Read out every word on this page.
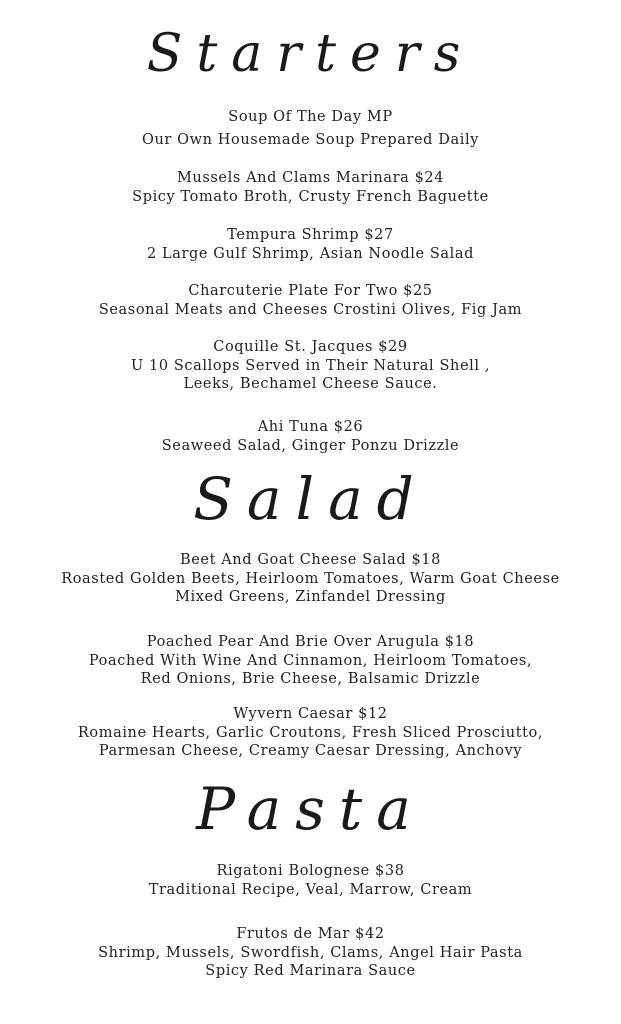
Starters
Soup Of The Day MP
Our Own Housemade Soup Prepared Daily
Mussels And Clams Marinara $24
Spicy Tomato Broth, Crusty French Baguette
Tempura Shrimp $27
2 Large Gulf Shrimp, Asian Noodle Salad
Charcuterie Plate For Two $25
Seasonal Meats and Cheeses Crostini Olives, Fig Jam
Coquille St. Jacques $29
U 10 Scallops Served in Their Natural Shell ,
Leeks, Bechamel Cheese Sauce.
Ahi Tuna $26
Seaweed Salad, Ginger Ponzu Drizzle
Salad
Beet And Goat Cheese Salad $18
Roasted Golden Beets, Heirloom Tomatoes, Warm Goat Cheese
Mixed Greens, Zinfandel Dressing
Poached Pear And Brie Over Arugula $18
Poached With Wine And Cinnamon, Heirloom Tomatoes,
Red Onions, Brie Cheese, Balsamic Drizzle
Wyvern Caesar $12
Romaine Hearts, Garlic Croutons, Fresh Sliced Prosciutto,
Parmesan Cheese, Creamy Caesar Dressing, Anchovy
Pasta
Rigatoni Bolognese $38
Traditional Recipe, Veal, Marrow, Cream
Frutos de Mar $42
Shrimp, Mussels, Swordfish, Clams, Angel Hair Pasta
Spicy Red Marinara Sauce
